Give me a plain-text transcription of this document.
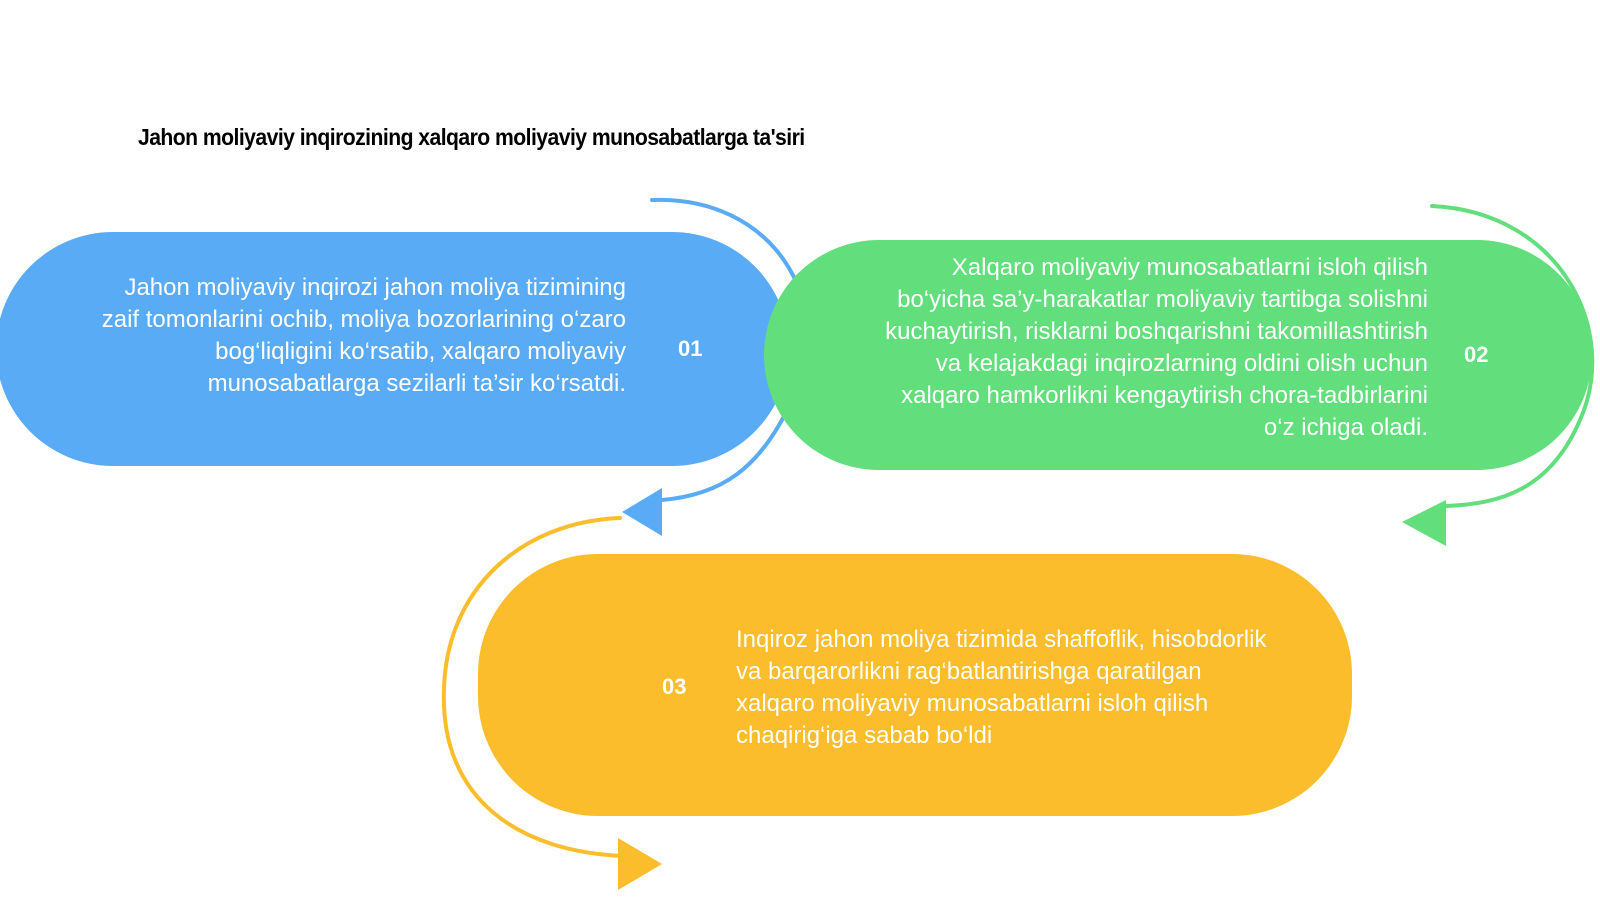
Jahon moliyaviy inqirozining xalqaro moliyaviy munosabatlarga ta'siri
Jahon moliyaviy inqirozi jahon moliya tizimining zaif tomonlarini ochib, moliya bozorlarining o‘zaro bog‘liqligini ko‘rsatib, xalqaro moliyaviy munosabatlarga sezilarli ta’sir ko‘rsatdi.
01
Xalqaro moliyaviy munosabatlarni isloh qilish bo‘yicha sa’y-harakatlar moliyaviy tartibga solishni kuchaytirish, risklarni boshqarishni takomillashtirish va kelajakdagi inqirozlarning oldini olish uchun xalqaro hamkorlikni kengaytirish chora-tadbirlarini o‘z ichiga oladi.
02
03
Inqiroz jahon moliya tizimida shaffoflik, hisobdorlik va barqarorlikni rag‘batlantirishga qaratilgan xalqaro moliyaviy munosabatlarni isloh qilish chaqirig‘iga sabab bo‘ldi
